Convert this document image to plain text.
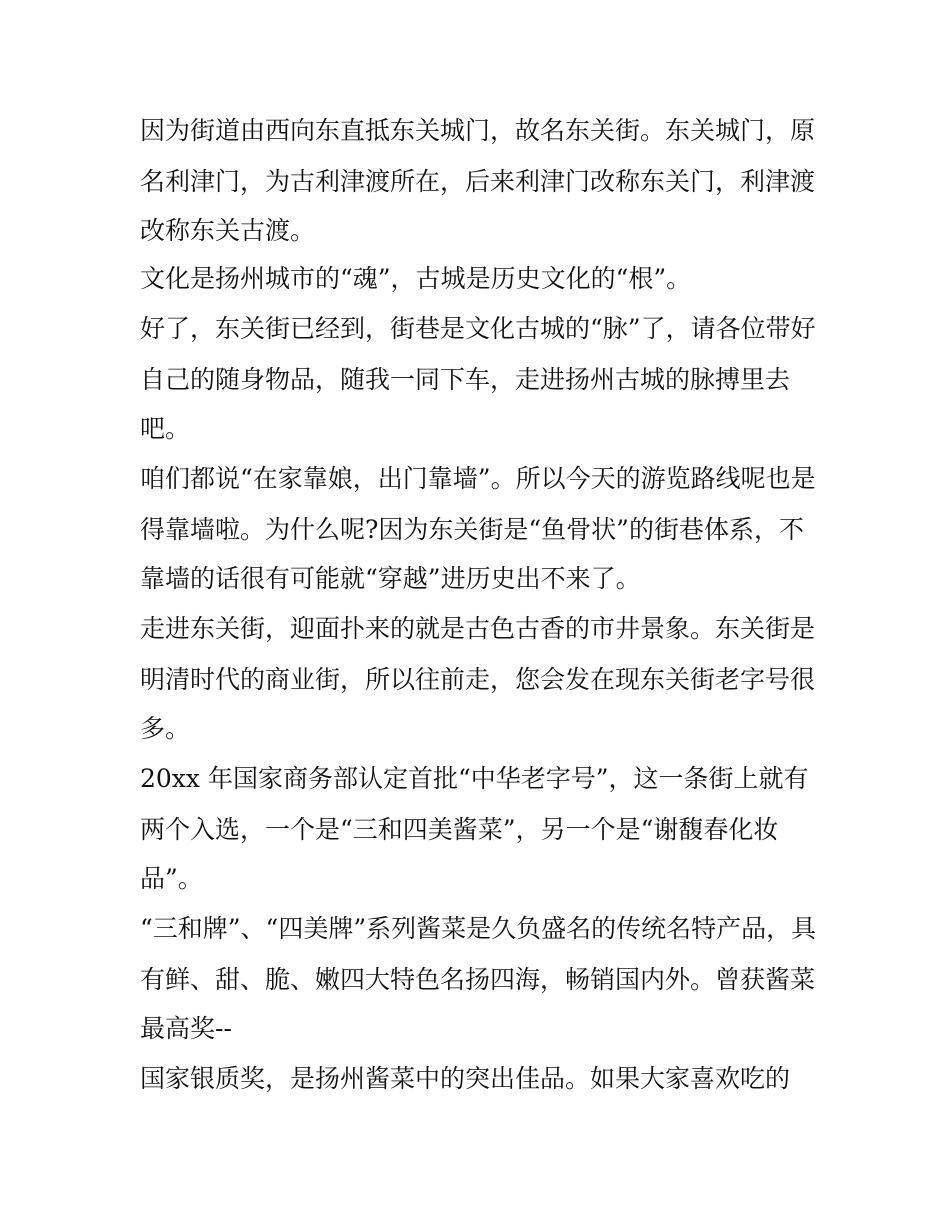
因为街道由西向东直抵东关城门，故名东关街。东关城门，原
名利津门，为古利津渡所在，后来利津门改称东关门，利津渡
改称东关古渡。
文化是扬州城市的“魂”，古城是历史文化的“根”。
好了，东关街已经到，街巷是文化古城的“脉”了，请各位带好
自己的随身物品，随我一同下车，走进扬州古城的脉搏里去
吧。
咱们都说“在家靠娘，出门靠墙”。所以今天的游览路线呢也是
得靠墙啦。为什么呢?因为东关街是“鱼骨状”的街巷体系，不
靠墙的话很有可能就“穿越”进历史出不来了。
走进东关街，迎面扑来的就是古色古香的市井景象。东关街是
明清时代的商业街，所以往前走，您会发在现东关街老字号很
多。
20xx 年国家商务部认定首批“中华老字号”，这一条街上就有
两个入选，一个是“三和四美酱菜”，另一个是“谢馥春化妆
品”。
“三和牌”、“四美牌”系列酱菜是久负盛名的传统名特产品，具
有鲜、甜、脆、嫩四大特色名扬四海，畅销国内外。曾获酱菜
最高奖--
国家银质奖，是扬州酱菜中的突出佳品。如果大家喜欢吃的
